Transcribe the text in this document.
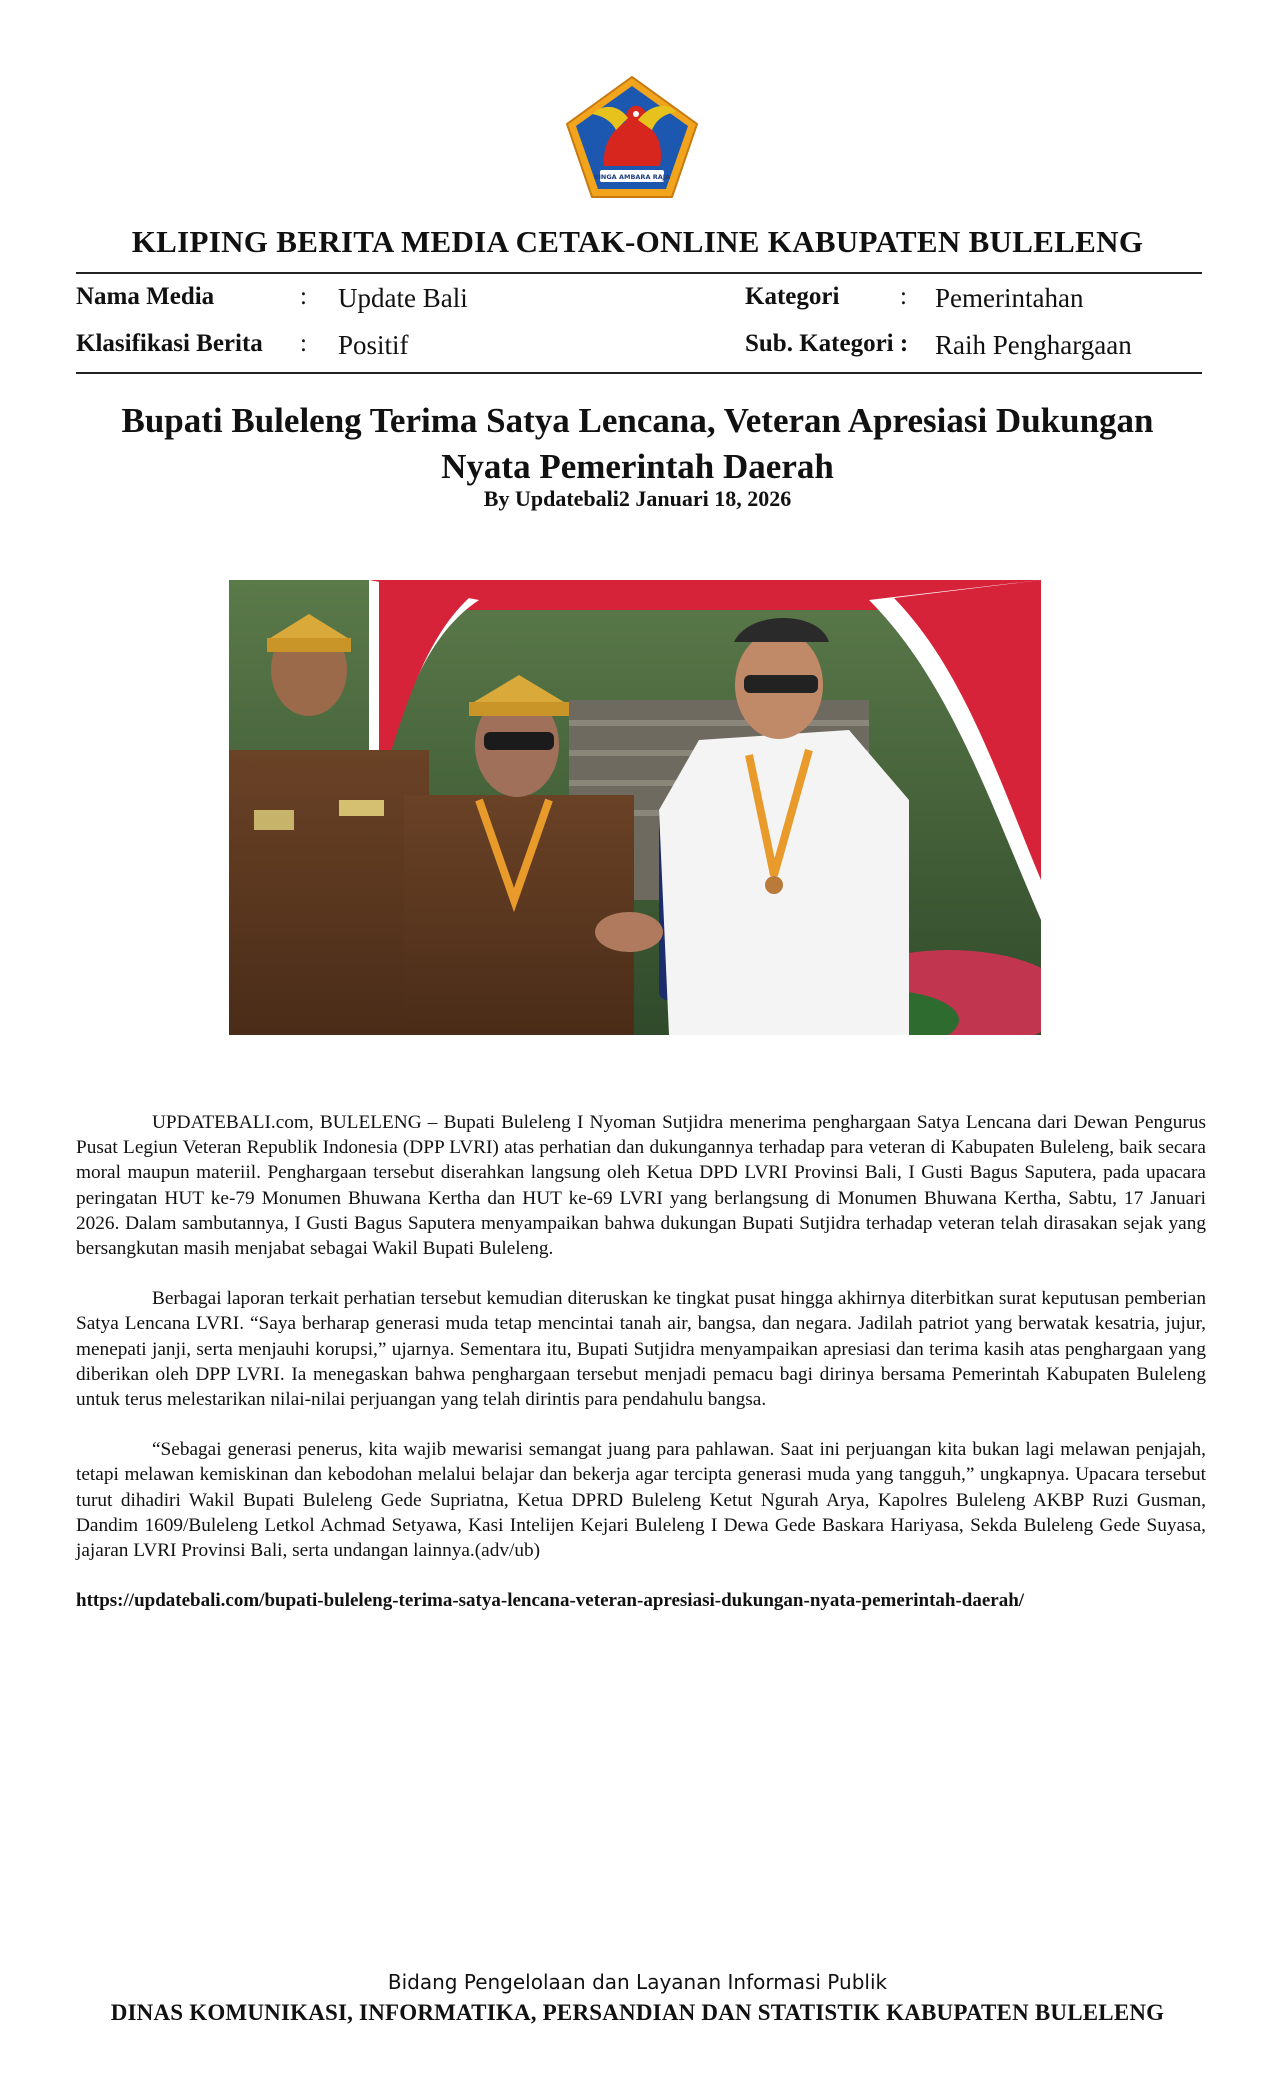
SINGA AMBARA RAJA
KLIPING BERITA MEDIA CETAK-ONLINE KABUPATEN BULELENG
Nama Media	: Update Bali
Klasifikasi Berita : Positif
Kategori : Pemerintahan
Sub. Kategori : Raih Penghargaan
Bupati Buleleng Terima Satya Lencana, Veteran Apresiasi Dukungan Nyata Pemerintah Daerah
By Updatebali2 Januari 18, 2026

UPDATEBALI.com, BULELENG – Bupati Buleleng I Nyoman Sutjidra menerima penghargaan Satya Lencana dari Dewan Pengurus Pusat Legiun Veteran Republik Indonesia (DPP LVRI) atas perhatian dan dukungannya terhadap para veteran di Kabupaten Buleleng, baik secara moral maupun materiil. Penghargaan tersebut diserahkan langsung oleh Ketua DPD LVRI Provinsi Bali, I Gusti Bagus Saputera, pada upacara peringatan HUT ke-79 Monumen Bhuwana Kertha dan HUT ke-69 LVRI yang berlangsung di Monumen Bhuwana Kertha, Sabtu, 17 Januari 2026. Dalam sambutannya, I Gusti Bagus Saputera menyampaikan bahwa dukungan Bupati Sutjidra terhadap veteran telah dirasakan sejak yang bersangkutan masih menjabat sebagai Wakil Bupati Buleleng.

Berbagai laporan terkait perhatian tersebut kemudian diteruskan ke tingkat pusat hingga akhirnya diterbitkan surat keputusan pemberian Satya Lencana LVRI. “Saya berharap generasi muda tetap mencintai tanah air, bangsa, dan negara. Jadilah patriot yang berwatak kesatria, jujur, menepati janji, serta menjauhi korupsi,” ujarnya. Sementara itu, Bupati Sutjidra menyampaikan apresiasi dan terima kasih atas penghargaan yang diberikan oleh DPP LVRI. Ia menegaskan bahwa penghargaan tersebut menjadi pemacu bagi dirinya bersama Pemerintah Kabupaten Buleleng untuk terus melestarikan nilai-nilai perjuangan yang telah dirintis para pendahulu bangsa.

“Sebagai generasi penerus, kita wajib mewarisi semangat juang para pahlawan. Saat ini perjuangan kita bukan lagi melawan penjajah, tetapi melawan kemiskinan dan kebodohan melalui belajar dan bekerja agar tercipta generasi muda yang tangguh,” ungkapnya. Upacara tersebut turut dihadiri Wakil Bupati Buleleng Gede Supriatna, Ketua DPRD Buleleng Ketut Ngurah Arya, Kapolres Buleleng AKBP Ruzi Gusman, Dandim 1609/Buleleng Letkol Achmad Setyawa, Kasi Intelijen Kejari Buleleng I Dewa Gede Baskara Hariyasa, Sekda Buleleng Gede Suyasa, jajaran LVRI Provinsi Bali, serta undangan lainnya.(adv/ub)

https://updatebali.com/bupati-buleleng-terima-satya-lencana-veteran-apresiasi-dukungan-nyata-pemerintah-daerah/
Bidang Pengelolaan dan Layanan Informasi Publik
DINAS KOMUNIKASI, INFORMATIKA, PERSANDIAN DAN STATISTIK KABUPATEN BULELENG
